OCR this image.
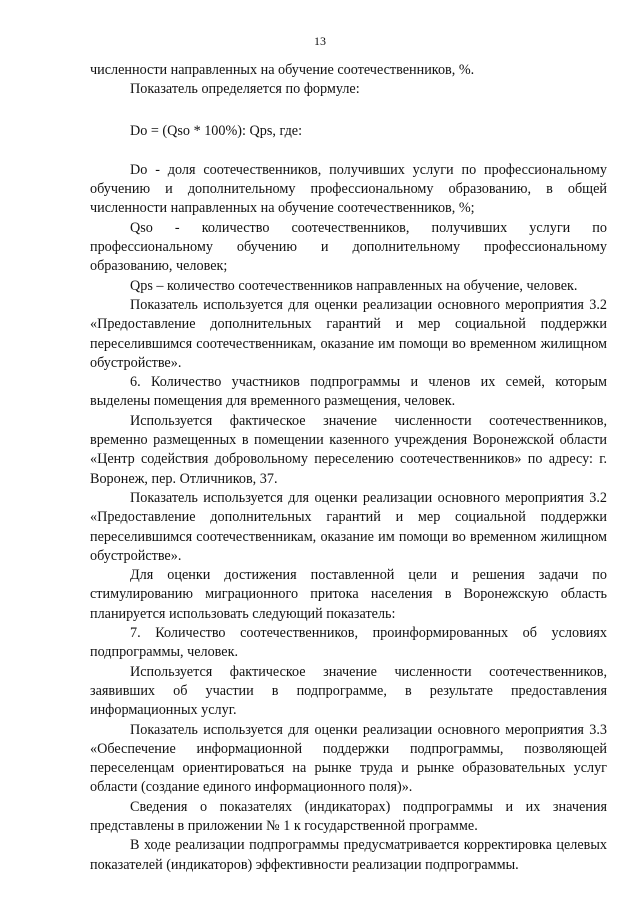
13

численности направленных на обучение соотечественников, %.

Показатель определяется по формуле:

Do = (Qso * 100%): Qps, где:

Do - доля соотечественников, получивших услуги по профессиональному обучению и дополнительному профессиональному образованию, в общей численности направленных на обучение соотечественников, %;

Qso - количество соотечественников, получивших услуги по профессиональному обучению и дополнительному профессиональному образованию, человек;

Qps – количество соотечественников направленных на обучение, человек.

Показатель используется для оценки реализации основного мероприятия 3.2 «Предоставление дополнительных гарантий и мер социальной поддержки переселившимся соотечественникам, оказание им помощи во временном жилищном обустройстве».

6. Количество участников подпрограммы и членов их семей, которым выделены помещения для временного размещения, человек.

Используется фактическое значение численности соотечественников, временно размещенных в помещении казенного учреждения Воронежской области «Центр содействия добровольному переселению соотечественников» по адресу: г. Воронеж, пер. Отличников, 37.

Показатель используется для оценки реализации основного мероприятия 3.2 «Предоставление дополнительных гарантий и мер социальной поддержки переселившимся соотечественникам, оказание им помощи во временном жилищном обустройстве».

Для оценки достижения поставленной цели и решения задачи по стимулированию миграционного притока населения в Воронежскую область планируется использовать следующий показатель:

7. Количество соотечественников, проинформированных об условиях подпрограммы, человек.

Используется фактическое значение численности соотечественников, заявивших об участии в подпрограмме, в результате предоставления информационных услуг.

Показатель используется для оценки реализации основного мероприятия 3.3 «Обеспечение информационной поддержки подпрограммы, позволяющей переселенцам ориентироваться на рынке труда и рынке образовательных услуг области (создание единого информационного поля)».

Сведения о показателях (индикаторах) подпрограммы и их значения представлены в приложении № 1 к государственной программе.

В ходе реализации подпрограммы предусматривается корректировка целевых показателей (индикаторов) эффективности реализации подпрограммы.
